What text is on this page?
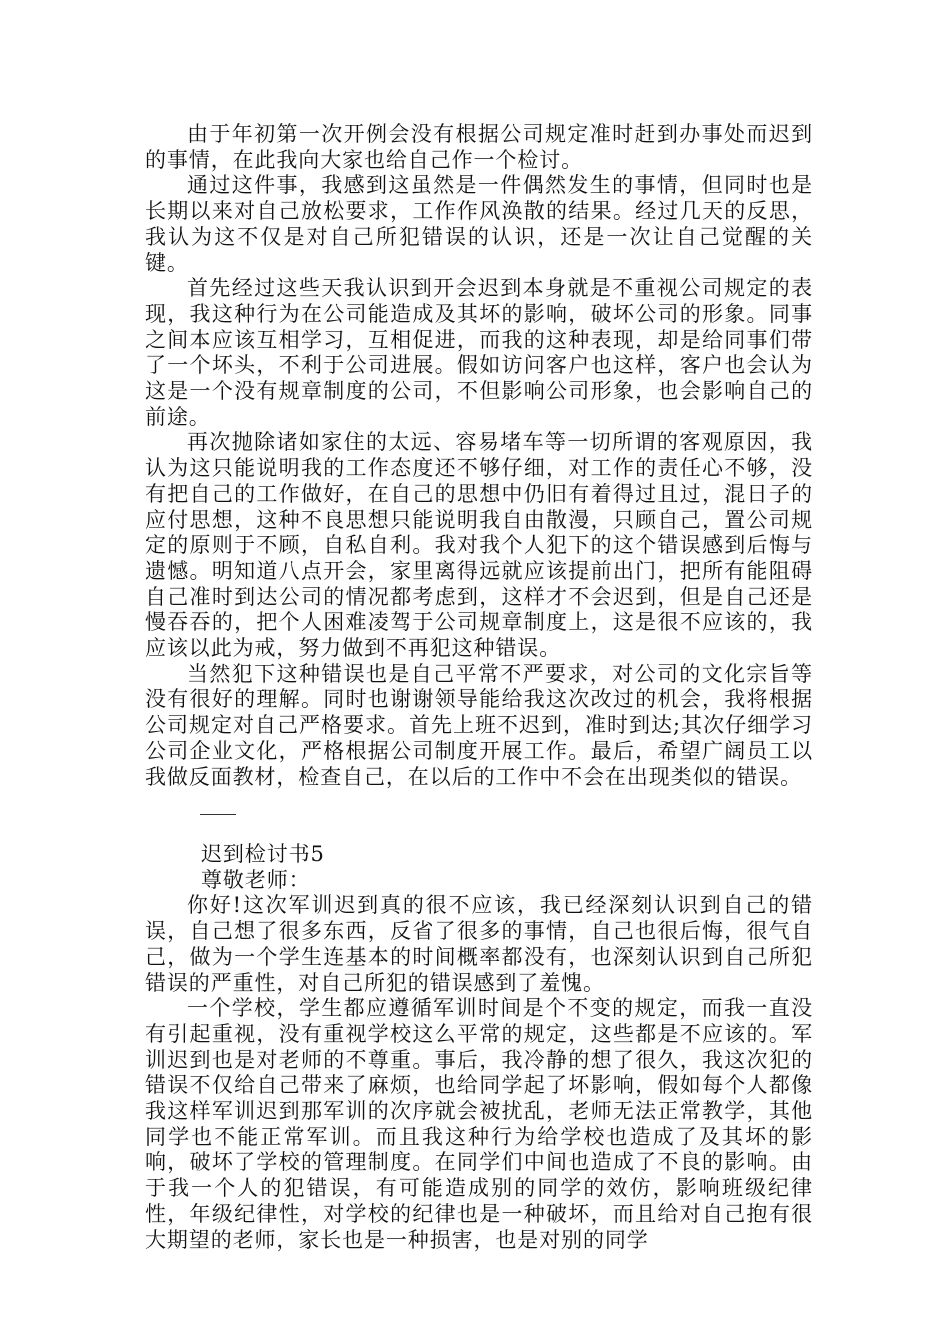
由于年初第一次开例会没有根据公司规定准时赶到办事处而迟到的事情，在此我向大家也给自己作一个检讨。

通过这件事，我感到这虽然是一件偶然发生的事情，但同时也是长期以来对自己放松要求，工作作风涣散的结果。经过几天的反思，我认为这不仅是对自己所犯错误的认识，还是一次让自己觉醒的关键。

首先经过这些天我认识到开会迟到本身就是不重视公司规定的表现，我这种行为在公司能造成及其坏的影响，破坏公司的形象。同事之间本应该互相学习，互相促进，而我的这种表现，却是给同事们带了一个坏头，不利于公司进展。假如访问客户也这样，客户也会认为这是一个没有规章制度的公司，不但影响公司形象，也会影响自己的前途。

再次抛除诸如家住的太远、容易堵车等一切所谓的客观原因，我认为这只能说明我的工作态度还不够仔细，对工作的责任心不够，没有把自己的工作做好，在自己的思想中仍旧有着得过且过，混日子的应付思想，这种不良思想只能说明我自由散漫，只顾自己，置公司规定的原则于不顾，自私自利。我对我个人犯下的这个错误感到后悔与遗憾。明知道八点开会，家里离得远就应该提前出门，把所有能阻碍自己准时到达公司的情况都考虑到，这样才不会迟到，但是自己还是慢吞吞的，把个人困难凌驾于公司规章制度上，这是很不应该的，我应该以此为戒，努力做到不再犯这种错误。

当然犯下这种错误也是自己平常不严要求，对公司的文化宗旨等没有很好的理解。同时也谢谢领导能给我这次改过的机会，我将根据公司规定对自己严格要求。首先上班不迟到，准时到达;其次仔细学习公司企业文化，严格根据公司制度开展工作。最后，希望广阔员工以我做反面教材，检查自己，在以后的工作中不会在出现类似的错误。

迟到检讨书5

尊敬老师：

你好!这次军训迟到真的很不应该，我已经深刻认识到自己的错误，自己想了很多东西，反省了很多的事情，自己也很后悔，很气自己，做为一个学生连基本的时间概率都没有，也深刻认识到自己所犯错误的严重性，对自己所犯的错误感到了羞愧。

一个学校，学生都应遵循军训时间是个不变的规定，而我一直没有引起重视，没有重视学校这么平常的规定，这些都是不应该的。军训迟到也是对老师的不尊重。事后，我冷静的想了很久，我这次犯的错误不仅给自己带来了麻烦，也给同学起了坏影响，假如每个人都像我这样军训迟到那军训的次序就会被扰乱，老师无法正常教学，其他同学也不能正常军训。而且我这种行为给学校也造成了及其坏的影响，破坏了学校的管理制度。在同学们中间也造成了不良的影响。由于我一个人的犯错误，有可能造成别的同学的效仿，影响班级纪律性，年级纪律性，对学校的纪律也是一种破坏，而且给对自己抱有很大期望的老师，家长也是一种损害，也是对别的同学
